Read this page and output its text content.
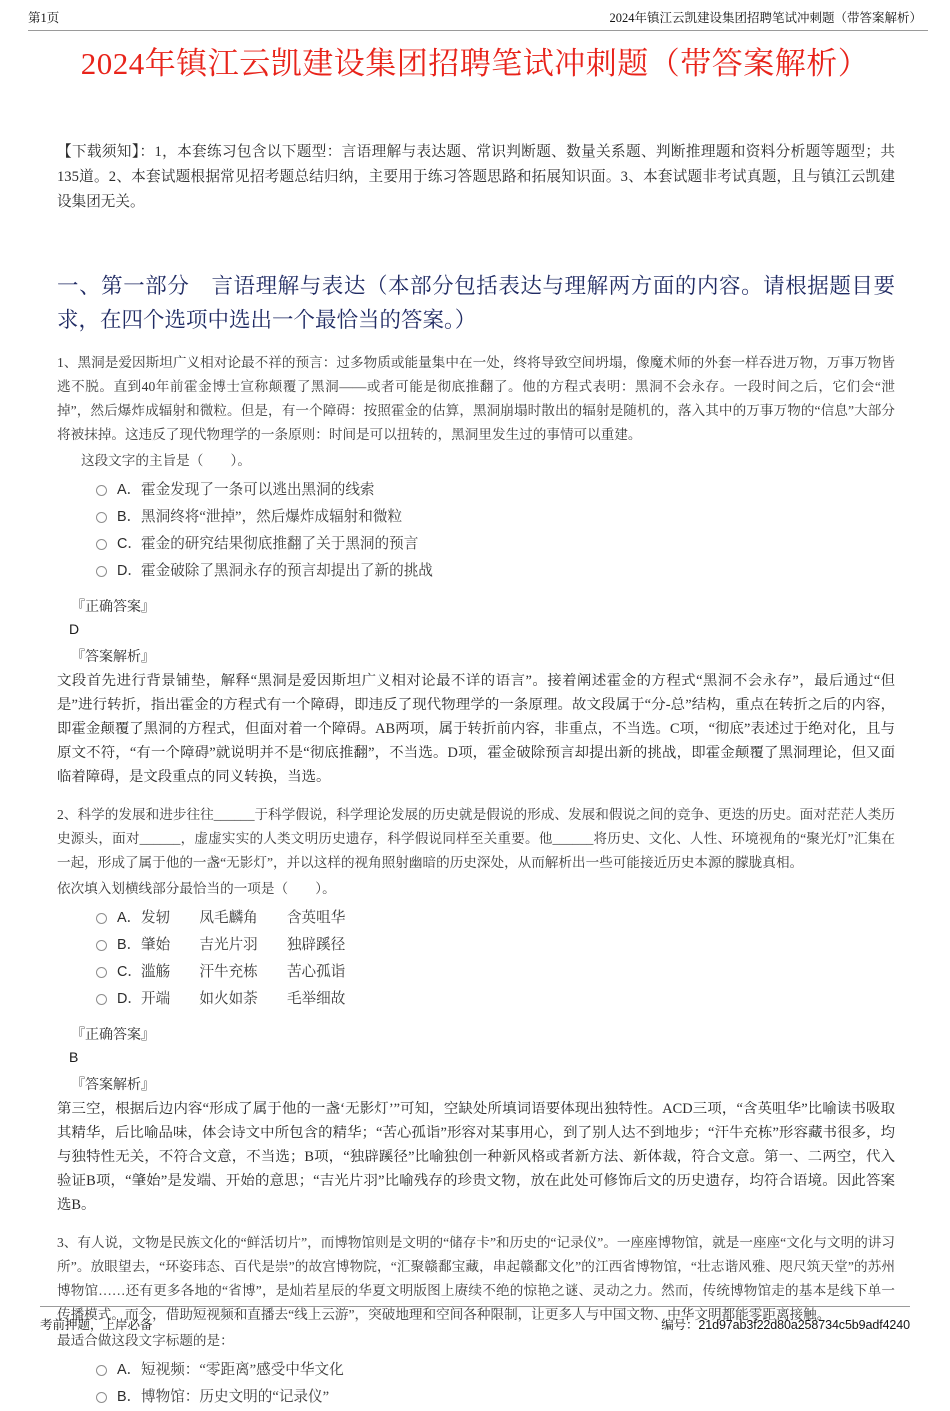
第1页	2024年镇江云凯建设集团招聘笔试冲刺题（带答案解析）
2024年镇江云凯建设集团招聘笔试冲刺题（带答案解析）

【下载须知】：1，本套练习包含以下题型：言语理解与表达题、常识判断题、数量关系题、判断推理题和资料分析题等题型；共135道。2、本套试题根据常见招考题总结归纳，主要用于练习答题思路和拓展知识面。3、本套试题非考试真题，且与镇江云凯建设集团无关。

一、第一部分　言语理解与表达（本部分包括表达与理解两方面的内容。请根据题目要求，在四个选项中选出一个最恰当的答案。）

1、黑洞是爱因斯坦广义相对论最不祥的预言：过多物质或能量集中在一处，终将导致空间坍塌，像魔术师的外套一样吞进万物，万事万物皆逃不脱。直到40年前霍金博士宣称颠覆了黑洞——或者可能是彻底推翻了。他的方程式表明：黑洞不会永存。一段时间之后，它们会“泄掉”，然后爆炸成辐射和微粒。但是，有一个障碍：按照霍金的估算，黑洞崩塌时散出的辐射是随机的，落入其中的万事万物的“信息”大部分将被抹掉。这违反了现代物理学的一条原则：时间是可以扭转的，黑洞里发生过的事情可以重建。

这段文字的主旨是（　　）。

A． 霍金发现了一条可以逃出黑洞的线索
B． 黑洞终将“泄掉”，然后爆炸成辐射和微粒
C． 霍金的研究结果彻底推翻了关于黑洞的预言
D． 霍金破除了黑洞永存的预言却提出了新的挑战
『正确答案』
D
『答案解析』

文段首先进行背景铺垫，解释“黑洞是爱因斯坦广义相对论最不详的语言”。接着阐述霍金的方程式“黑洞不会永存”，最后通过“但是”进行转折，指出霍金的方程式有一个障碍，即违反了现代物理学的一条原理。故文段属于“分-总”结构，重点在转折之后的内容，即霍金颠覆了黑洞的方程式，但面对着一个障碍。AB两项，属于转折前内容，非重点，不当选。C项，“彻底”表述过于绝对化，且与原文不符，“有一个障碍”就说明并不是“彻底推翻”，不当选。D项，霍金破除预言却提出新的挑战，即霍金颠覆了黑洞理论，但又面临着障碍，是文段重点的同义转换，当选。

2、科学的发展和进步往往______于科学假说，科学理论发展的历史就是假说的形成、发展和假说之间的竞争、更迭的历史。面对茫茫人类历史源头，面对______，虚虚实实的人类文明历史遗存，科学假说同样至关重要。他______将历史、文化、人性、环境视角的“聚光灯”汇集在一起，形成了属于他的一盏“无影灯”，并以这样的视角照射幽暗的历史深处，从而解析出一些可能接近历史本源的朦胧真相。

依次填入划横线部分最恰当的一项是（　　）。

A． 发轫　　凤毛麟角　　含英咀华
B． 肇始　　吉光片羽　　独辟蹊径
C． 滥觞　　汗牛充栋　　苦心孤诣
D． 开端　　如火如荼　　毛举细故
『正确答案』
B
『答案解析』

第三空，根据后边内容“形成了属于他的一盏‘无影灯’”可知，空缺处所填词语要体现出独特性。ACD三项，“含英咀华”比喻读书吸取其精华，后比喻品味，体会诗文中所包含的精华；“苦心孤诣”形容对某事用心，到了别人达不到地步；“汗牛充栋”形容藏书很多，均与独特性无关，不符合文意，不当选；B项，“独辟蹊径”比喻独创一种新风格或者新方法、新体裁，符合文意。第一、二两空，代入验证B项，“肇始”是发端、开始的意思；“吉光片羽”比喻残存的珍贵文物，放在此处可修饰后文的历史遗存，均符合语境。因此答案选B。

3、有人说，文物是民族文化的“鲜活切片”，而博物馆则是文明的“储存卡”和历史的“记录仪”。一座座博物馆，就是一座座“文化与文明的讲习所”。放眼望去，“环姿玮态、百代是崇”的故宫博物院，“汇聚赣鄱宝藏，串起赣鄱文化”的江西省博物馆，“壮志谐风雅、咫尺筑天堂”的苏州博物馆……还有更多各地的“省博”，是灿若星辰的华夏文明版图上赓续不绝的惊艳之谜、灵动之力。然而，传统博物馆走的基本是线下单一传播模式。而今，借助短视频和直播去“线上云游”，突破地理和空间各种限制，让更多人与中国文物、中华文明都能零距离接触。

最适合做这段文字标题的是：

A． 短视频：“零距离”感受中华文化
B． 博物馆：历史文明的“记录仪”
考前押题，上岸必备	编号：21d97ab3f22d80a258734c5b9adf4240
